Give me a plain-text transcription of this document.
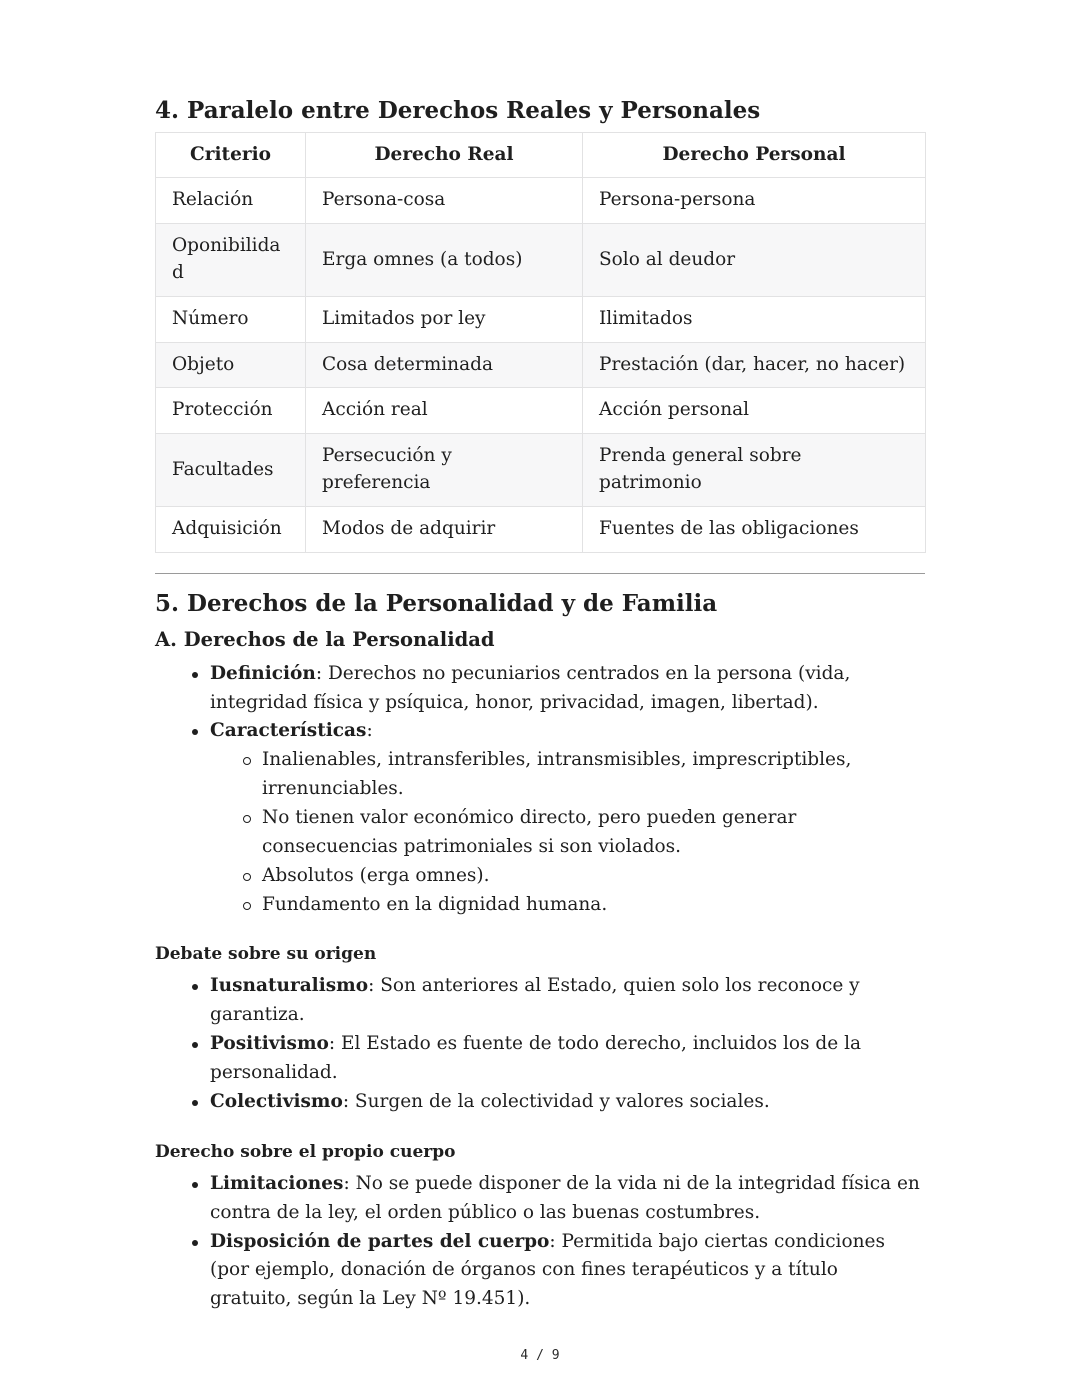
4. Paralelo entre Derechos Reales y Personales
Criterio	Derecho Real	Derecho Personal
Relación	Persona-cosa	Persona-persona
Oponibilidad	Erga omnes (a todos)	Solo al deudor
Número	Limitados por ley	Ilimitados
Objeto	Cosa determinada	Prestación (dar, hacer, no hacer)
Protección	Acción real	Acción personal
Facultades	Persecución y preferencia	Prenda general sobre patrimonio
Adquisición	Modos de adquirir	Fuentes de las obligaciones
5. Derechos de la Personalidad y de Familia
A. Derechos de la Personalidad
Definición: Derechos no pecuniarios centrados en la persona (vida, integridad física y psíquica, honor, privacidad, imagen, libertad).
Características:
Inalienables, intransferibles, intransmisibles, imprescriptibles, irrenunciables.
No tienen valor económico directo, pero pueden generar consecuencias patrimoniales si son violados.
Absolutos (erga omnes).
Fundamento en la dignidad humana.
Debate sobre su origen
Iusnaturalismo: Son anteriores al Estado, quien solo los reconoce y garantiza.
Positivismo: El Estado es fuente de todo derecho, incluidos los de la personalidad.
Colectivismo: Surgen de la colectividad y valores sociales.
Derecho sobre el propio cuerpo
Limitaciones: No se puede disponer de la vida ni de la integridad física en contra de la ley, el orden público o las buenas costumbres.
Disposición de partes del cuerpo: Permitida bajo ciertas condiciones (por ejemplo, donación de órganos con fines terapéuticos y a título gratuito, según la Ley Nº 19.451).
4 / 9
